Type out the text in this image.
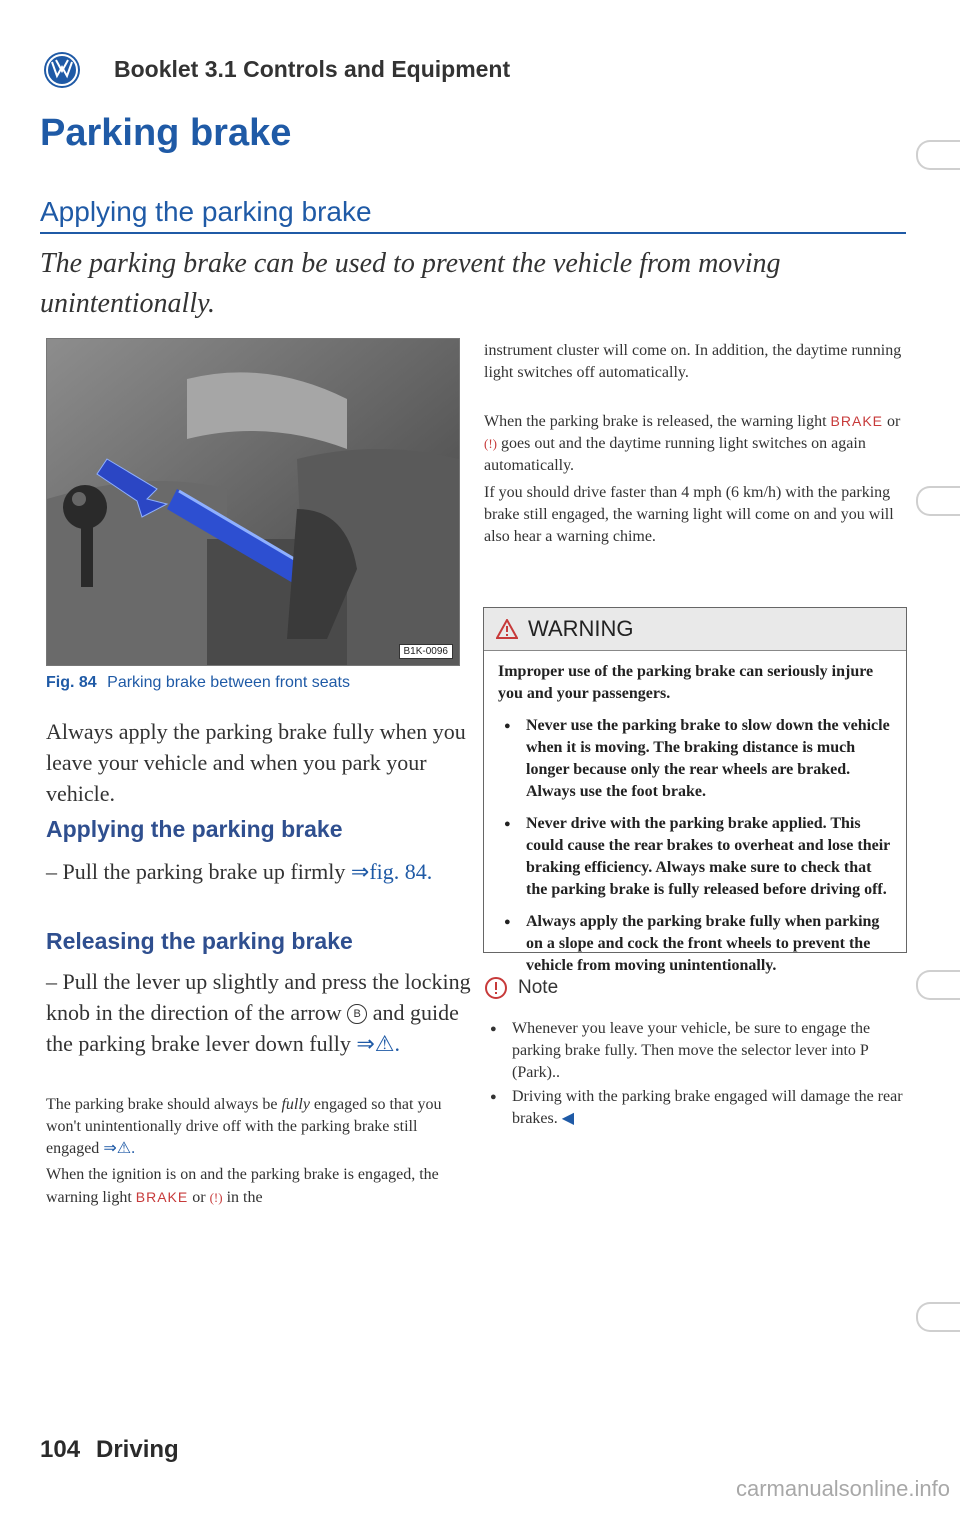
Booklet 3.1 Controls and Equipment
Parking brake
Applying the parking brake
The parking brake can be used to prevent the vehicle from moving unintentionally.
B1K-0096
Fig. 84 Parking brake between front seats
Always apply the parking brake fully when you leave your vehicle and when you park your vehicle.
Applying the parking brake
– Pull the parking brake up firmly ⇒fig. 84.
Releasing the parking brake
– Pull the lever up slightly and press the locking knob in the direction of the arrow B and guide the parking brake lever down fully ⇒⚠.
The parking brake should always be fully engaged so that you won't unintentionally drive off with the parking brake still engaged ⇒⚠.
When the ignition is on and the parking brake is engaged, the warning light BRAKE or (!) in the
instrument cluster will come on. In addition, the daytime running light switches off automatically.
When the parking brake is released, the warning light BRAKE or (!) goes out and the daytime running light switches on again automatically.
If you should drive faster than 4 mph (6 km/h) with the parking brake still engaged, the warning light will come on and you will also hear a warning chime.
WARNING

Improper use of the parking brake can seriously injure you and your passengers.

● Never use the parking brake to slow down the vehicle when it is moving. The braking distance is much longer because only the rear wheels are braked. Always use the foot brake.

● Never drive with the parking brake applied. This could cause the rear brakes to overheat and lose their braking efficiency. Always make sure to check that the parking brake is fully released before driving off.

● Always apply the parking brake fully when parking on a slope and cock the front wheels to prevent the vehicle from moving unintentionally.

Note
● Whenever you leave your vehicle, be sure to engage the parking brake fully. Then move the selector lever into P (Park)..
● Driving with the parking brake engaged will damage the rear brakes. ◀
104 Driving
carmanualsonline.info
